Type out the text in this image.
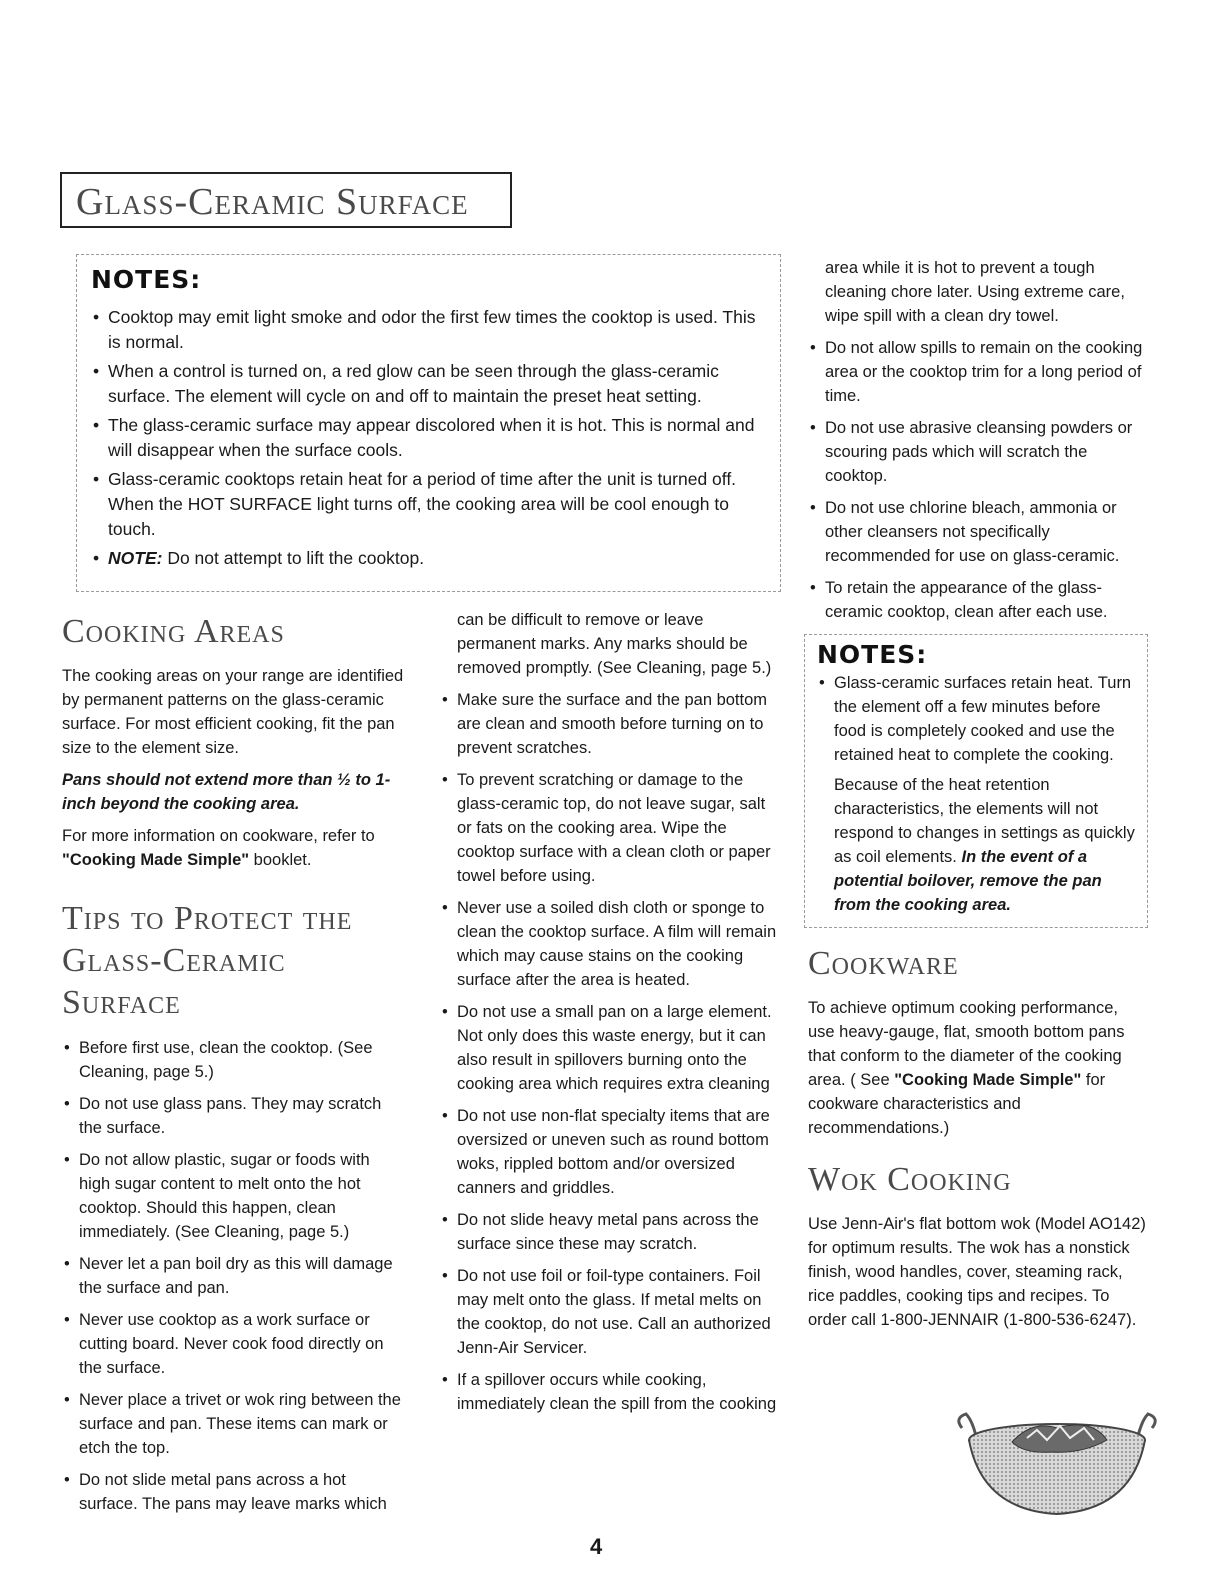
Glass-Ceramic Surface
NOTES:
• Cooktop may emit light smoke and odor the first few times the cooktop is used. This is normal.
• When a control is turned on, a red glow can be seen through the glass-ceramic surface. The element will cycle on and off to maintain the preset heat setting.
• The glass-ceramic surface may appear discolored when it is hot. This is normal and will disappear when the surface cools.
• Glass-ceramic cooktops retain heat for a period of time after the unit is turned off. When the HOT SURFACE light turns off, the cooking area will be cool enough to touch.
• NOTE: Do not attempt to lift the cooktop.
Cooking Areas

The cooking areas on your range are identified by permanent patterns on the glass-ceramic surface. For most efficient cooking, fit the pan size to the element size.

Pans should not extend more than ½ to 1-inch beyond the cooking area.

For more information on cookware, refer to "Cooking Made Simple" booklet.

Tips to Protect the Glass-Ceramic Surface
• Before first use, clean the cooktop. (See Cleaning, page 5.)
• Do not use glass pans. They may scratch the surface.
• Do not allow plastic, sugar or foods with high sugar content to melt onto the hot cooktop. Should this happen, clean immediately. (See Cleaning, page 5.)
• Never let a pan boil dry as this will damage the surface and pan.
• Never use cooktop as a work surface or cutting board. Never cook food directly on the surface.
• Never place a trivet or wok ring between the surface and pan. These items can mark or etch the top.
• Do not slide metal pans across a hot surface. The pans may leave marks which

can be difficult to remove or leave permanent marks. Any marks should be removed promptly. (See Cleaning, page 5.)

• Make sure the surface and the pan bottom are clean and smooth before turning on to prevent scratches.
• To prevent scratching or damage to the glass-ceramic top, do not leave sugar, salt or fats on the cooking area. Wipe the cooktop surface with a clean cloth or paper towel before using.
• Never use a soiled dish cloth or sponge to clean the cooktop surface. A film will remain which may cause stains on the cooking surface after the area is heated.
• Do not use a small pan on a large element. Not only does this waste energy, but it can also result in spillovers burning onto the cooking area which requires extra cleaning
• Do not use non-flat specialty items that are oversized or uneven such as round bottom woks, rippled bottom and/or oversized canners and griddles.
• Do not slide heavy metal pans across the surface since these may scratch.
• Do not use foil or foil-type containers. Foil may melt onto the glass. If metal melts on the cooktop, do not use. Call an authorized Jenn-Air Servicer.
• If a spillover occurs while cooking, immediately clean the spill from the cooking

area while it is hot to prevent a tough cleaning chore later. Using extreme care, wipe spill with a clean dry towel.

• Do not allow spills to remain on the cooking area or the cooktop trim for a long period of time.
• Do not use abrasive cleansing powders or scouring pads which will scratch the cooktop.
• Do not use chlorine bleach, ammonia or other cleansers not specifically recommended for use on glass-ceramic.
• To retain the appearance of the glass-ceramic cooktop, clean after each use.
NOTES:
• Glass-ceramic surfaces retain heat. Turn the element off a few minutes before food is completely cooked and use the retained heat to complete the cooking.

Because of the heat retention characteristics, the elements will not respond to changes in settings as quickly as coil elements. In the event of a potential boilover, remove the pan from the cooking area.

Cookware

To achieve optimum cooking performance, use heavy-gauge, flat, smooth bottom pans that conform to the diameter of the cooking area. ( See "Cooking Made Simple" for cookware characteristics and recommendations.)

Wok Cooking

Use Jenn-Air's flat bottom wok (Model AO142) for optimum results. The wok has a nonstick finish, wood handles, cover, steaming rack, rice paddles, cooking tips and recipes. To order call 1-800-JENNAIR (1-800-536-6247).

4
